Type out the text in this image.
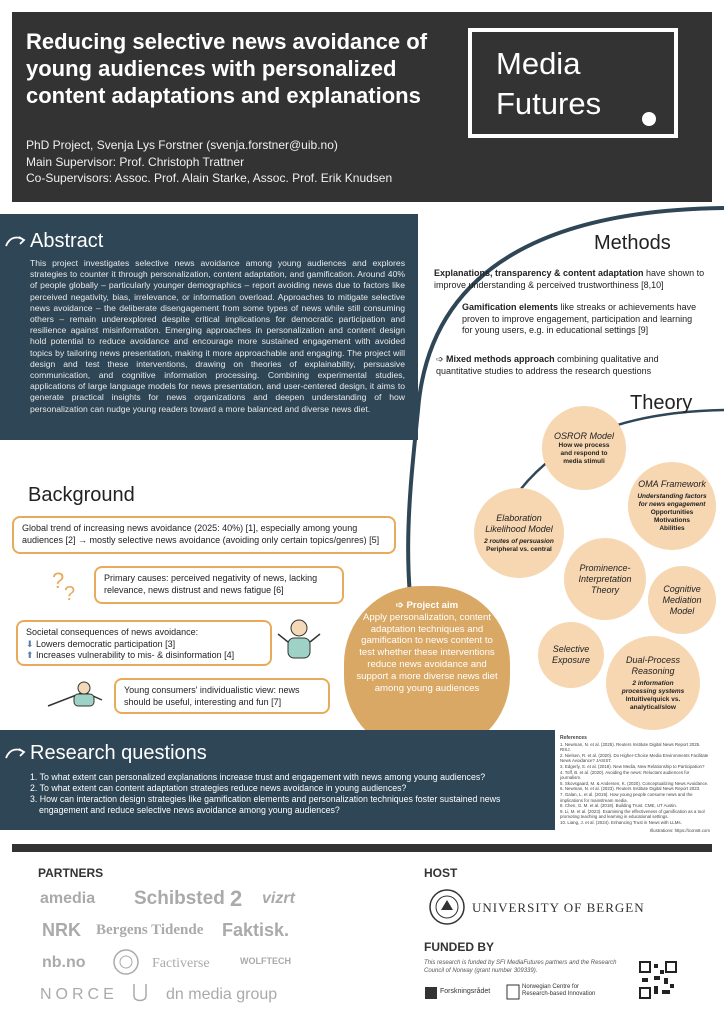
Reducing selective news avoidance of young audiences with personalized content adaptations and explanations
PhD Project, Svenja Lys Forstner (svenja.forstner@uib.no)
Main Supervisor: Prof. Christoph Trattner
Co-Supervisors: Assoc. Prof. Alain Starke, Assoc. Prof. Erik Knudsen
Media
Futures
Abstract
This project investigates selective news avoidance among young audiences and explores strategies to counter it through personalization, content adaptation, and gamification. Around 40% of people globally – particularly younger demographics – report avoiding news due to factors like perceived negativity, bias, irrelevance, or information overload. Approaches to mitigate selective news avoidance – the deliberate disengagement from some types of news while still consuming others – remain underexplored despite critical implications for democratic participation and resilience against misinformation. Emerging approaches in personalization and content design hold potential to reduce avoidance and encourage more sustained engagement with avoided topics by tailoring news presentation, making it more approachable and engaging. The project will design and test these interventions, drawing on theories of explainability, persuasive communication, and cognitive information processing. Combining experimental studies, applications of large language models for news presentation, and user-centered design, it aims to generate practical insights for news organizations and deepen understanding of how personalization can nudge young readers toward a more balanced and diverse news diet.
Methods
Explanations, transparency & content adaptation have shown to improve understanding & perceived trustworthiness [8,10]
Gamification elements like streaks or achievements have proven to improve engagement, participation and learning for young users, e.g. in educational settings [9]
➩ Mixed methods approach combining qualitative and quantitative studies to address the research questions
Theory
OSROR Model
How we process and respond to media stimuli
OMA Framework
Understanding factors for news engagement
Opportunities Motivations Abilities
Elaboration Likelihood Model
2 routes of persuasion
Peripheral vs. central
Prominence-Interpretation Theory	Cognitive Mediation Model
Selective Exposure	Dual-Process Reasoning
2 information processing systems
Intuitive/quick vs. analytical/slow
Background
Global trend of increasing news avoidance (2025: 40%) [1], especially among young audiences [2] → mostly selective news avoidance (avoiding only certain topics/genres) [5]
?
?
Primary causes: perceived negativity of news, lacking relevance, news distrust and news fatigue [6]
Societal consequences of news avoidance:
⬇ Lowers democratic participation [3]
⬆ Increases vulnerability to mis- & disinformation [4]
Young consumers' individualistic view: news should be useful, interesting and fun [7]
➩ Project aim
Apply personalization, content adaptation techniques and gamification to news content to test whether these interventions reduce news avoidance and support a more diverse news diet among young audiences
Research questions
1. To what extent can personalized explanations increase trust and engagement with news among young audiences?
2. To what extent can content adaptation strategies reduce news avoidance in young audiences?
3. How can interaction design strategies like gamification elements and personalization techniques foster sustained news engagement and reduce selective news avoidance among young audiences?
References
1. Newman, N. et al. (2025). Reuters Institute Digital News Report 2025. RISJ.
2. Nielsen, R. et al. (2020). Do Higher-Choice Media Environments Facilitate News Avoidance? JASIST.
3. Edgerly, S. et al. (2018). New Media, New Relationship to Participation?
4. Toff, B. et al. (2020). Avoiding the news: Reluctant audiences for journalism.
5. Skovsgaard, M. & Andersen, K. (2020). Conceptualizing News Avoidance.
6. Newman, N. et al. (2023). Reuters Institute Digital News Report 2023.
7. Galan, L. et al. (2019). How young people consume news and the implications for mainstream media.
8. Chen, G. M. et al. (2019). Building Trust. CME, UT Austin.
9. Li, M. et al. (2023). Examining the effectiveness of gamification as a tool promoting teaching and learning in educational settings.
10. Liang, J. et al. (2024). Enhancing Trust in News with LLMs.
Illustrations: https://icons8.com
PARTNERS
amedia Schibsted 2 vizrt
NRK Bergens Tidende Faktisk.
nb.no	Factiverse	WOLFTECH
NORCE	dn media group
HOST
UNIVERSITY OF BERGEN
FUNDED BY
This research is funded by SFI MediaFutures partners and the Research Council of Norway (grant number 309339).
Forskningsrådet
Norwegian Centre for Research-based Innovation
